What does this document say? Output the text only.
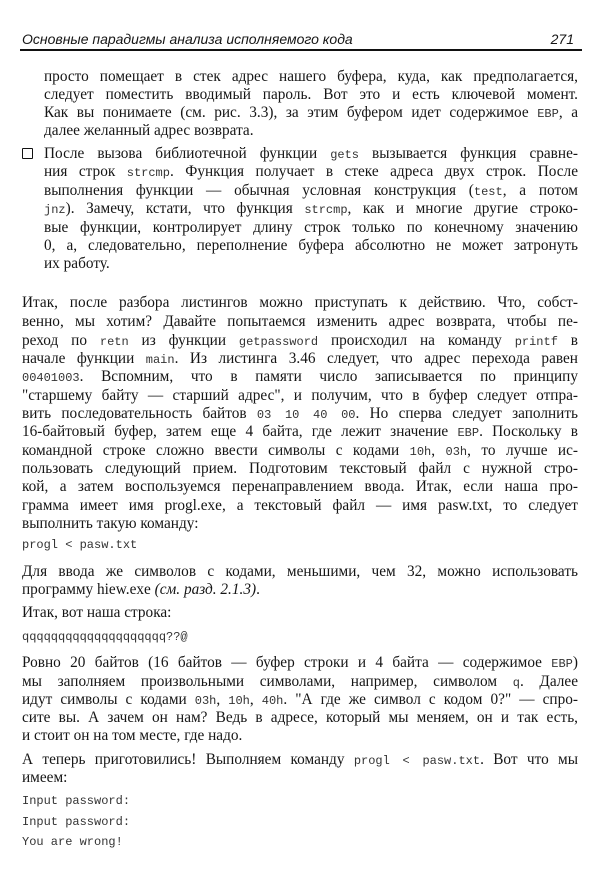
Основные парадигмы анализа исполняемого кода	271
просто помещает в стек адрес нашего буфера, куда, как предполагается,
следует поместить вводимый пароль. Вот это и есть ключевой момент.
Как вы понимаете (см. рис. 3.3), за этим буфером идет содержимое EBP, а
далее желанный адрес возврата.
После вызова библиотечной функции gets вызывается функция сравне-
ния строк strcmp. Функция получает в стеке адреса двух строк. После
выполнения функции — обычная условная конструкция (test, а потом
jnz). Замечу, кстати, что функция strcmp, как и многие другие строко-
вые функции, контролирует длину строк только по конечному значению
0, а, следовательно, переполнение буфера абсолютно не может затронуть
их работу.
Итак, после разбора листингов можно приступать к действию. Что, собст-
венно, мы хотим? Давайте попытаемся изменить адрес возврата, чтобы пе-
реход по retn из функции getpassword происходил на команду printf в
начале функции main. Из листинга 3.46 следует, что адрес перехода равен
00401003. Вспомним, что в памяти число записывается по принципу
"старшему байту — старший адрес", и получим, что в буфер следует отпра-
вить последовательность байтов 03 10 40 00. Но сперва следует заполнить
16-байтовый буфер, затем еще 4 байта, где лежит значение EBP. Поскольку в
командной строке сложно ввести символы с кодами 10h, 03h, то лучше ис-
пользовать следующий прием. Подготовим текстовый файл с нужной стро-
кой, а затем воспользуемся перенаправлением ввода. Итак, если наша про-
грамма имеет имя progl.exe, а текстовый файл — имя pasw.txt, то следует
выполнить такую команду:
progl < pasw.txt
Для ввода же символов с кодами, меньшими, чем 32, можно использовать
программу hiew.exe (см. разд. 2.1.3).
Итак, вот наша строка:
qqqqqqqqqqqqqqqqqqqq??@
Ровно 20 байтов (16 байтов — буфер строки и 4 байта — содержимое EBP)
мы заполняем произвольными символами, например, символом q. Далее
идут символы с кодами 03h, 10h, 40h. "А где же символ с кодом 0?" — спро-
сите вы. А зачем он нам? Ведь в адресе, который мы меняем, он и так есть,
и стоит он на том месте, где надо.
А теперь приготовились! Выполняем команду progl < pasw.txt. Вот что мы
имеем:
Input password:
Input password:
You are wrong!
